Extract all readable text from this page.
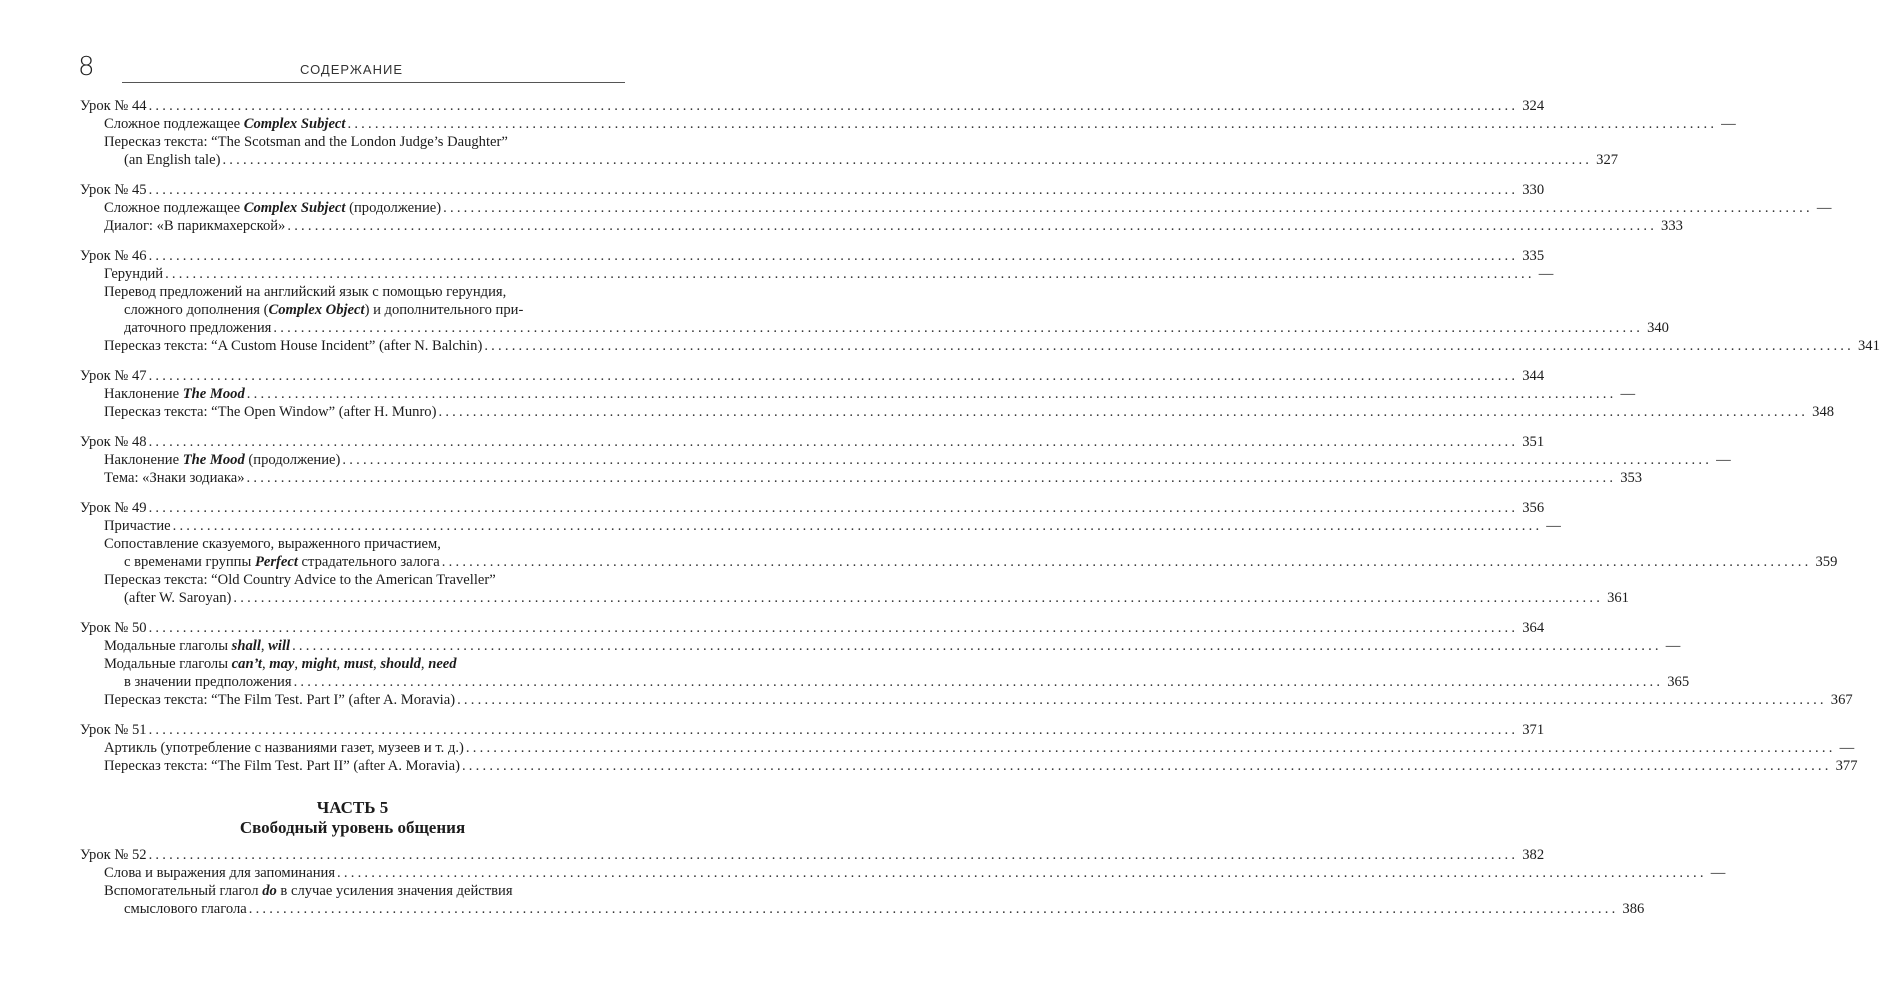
8	СОДЕРЖАНИЕ
Урок № 44 ........................................................................................................................................................................................................ 324
Сложное подлежащее Complex Subject ........................................................................................................................................................................................................ —
Пересказ текста: “The Scotsman and the London Judge’s Daughter”
(an English tale) ........................................................................................................................................................................................................ 327
Урок № 45 ........................................................................................................................................................................................................ 330
Сложное подлежащее Complex Subject (продолжение) ........................................................................................................................................................................................................ —
Диалог: «В парикмахерской» ........................................................................................................................................................................................................ 333
Урок № 46 ........................................................................................................................................................................................................ 335
Герундий ........................................................................................................................................................................................................ —
Перевод предложений на английский язык с помощью герундия,
сложного дополнения (Complex Object) и дополнительного при-
даточного предложения ........................................................................................................................................................................................................ 340
Пересказ текста: “A Custom House Incident” (after N. Balchin) ........................................................................................................................................................................................................ 341
Урок № 47 ........................................................................................................................................................................................................ 344
Наклонение The Mood ........................................................................................................................................................................................................ —
Пересказ текста: “The Open Window” (after H. Munro) ........................................................................................................................................................................................................ 348
Урок № 48 ........................................................................................................................................................................................................ 351
Наклонение The Mood (продолжение) ........................................................................................................................................................................................................ —
Тема: «Знаки зодиака» ........................................................................................................................................................................................................ 353
Урок № 49 ........................................................................................................................................................................................................ 356
Причастие ........................................................................................................................................................................................................ —
Сопоставление сказуемого, выраженного причастием,
с временами группы Perfect страдательного залога ........................................................................................................................................................................................................ 359
Пересказ текста: “Old Country Advice to the American Traveller”
(after W. Saroyan) ........................................................................................................................................................................................................ 361
Урок № 50 ........................................................................................................................................................................................................ 364
Модальные глаголы shall, will ........................................................................................................................................................................................................ —
Модальные глаголы can’t, may, might, must, should, need
в значении предположения ........................................................................................................................................................................................................ 365
Пересказ текста: “The Film Test. Part I” (after A. Moravia) ........................................................................................................................................................................................................ 367
Урок № 51 ........................................................................................................................................................................................................ 371
Артикль (употребление с названиями газет, музеев и т. д.) ........................................................................................................................................................................................................ —
Пересказ текста: “The Film Test. Part II” (after A. Moravia) ........................................................................................................................................................................................................ 377
ЧАСТЬ 5
Свободный уровень общения
Урок № 52 ........................................................................................................................................................................................................ 382
Слова и выражения для запоминания ........................................................................................................................................................................................................ —
Вспомогательный глагол do в случае усиления значения действия
смыслового глагола ........................................................................................................................................................................................................ 386
